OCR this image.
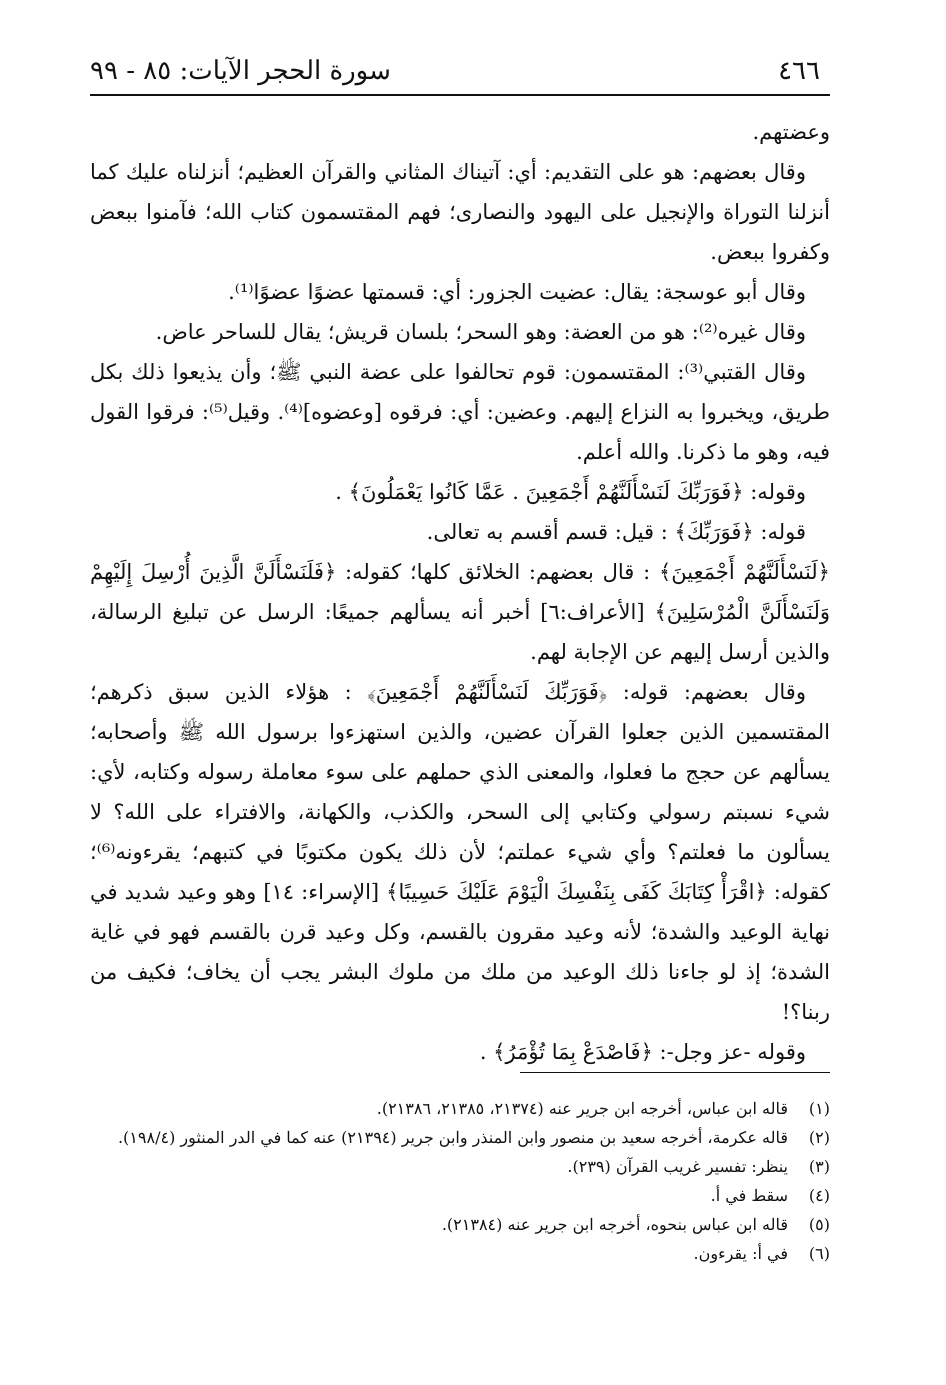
٤٦٦
سورة الحجر الآيات: ٨٥ - ٩٩

وعضتهم.

وقال بعضهم: هو على التقديم: أي: آتيناك المثاني والقرآن العظيم؛ أنزلناه عليك كما أنزلنا التوراة والإنجيل على اليهود والنصارى؛ فهم المقتسمون كتاب الله؛ فآمنوا ببعض وكفروا ببعض.

وقال أبو عوسجة: يقال: عضيت الجزور: أي: قسمتها عضوًا عضوًا⁽¹⁾.

وقال غيره⁽²⁾: هو من العضة: وهو السحر؛ بلسان قريش؛ يقال للساحر عاض.

وقال القتبي⁽³⁾: المقتسمون: قوم تحالفوا على عضة النبي ﷺ؛ وأن يذيعوا ذلك بكل طريق، ويخبروا به النزاع إليهم. وعضين: أي: فرقوه [وعضوه]⁽⁴⁾. وقيل⁽⁵⁾: فرقوا القول فيه، وهو ما ذكرنا. والله أعلم.

وقوله: ﴿فَوَرَبِّكَ لَنَسْأَلَنَّهُمْ أَجْمَعِينَ . عَمَّا كَانُوا يَعْمَلُونَ﴾ .

قوله: ﴿فَوَرَبِّكَ﴾ : قيل: قسم أقسم به تعالى.

﴿لَنَسْأَلَنَّهُمْ أَجْمَعِينَ﴾ : قال بعضهم: الخلائق كلها؛ كقوله: ﴿فَلَنَسْأَلَنَّ الَّذِينَ أُرْسِلَ إِلَيْهِمْ وَلَنَسْأَلَنَّ الْمُرْسَلِينَ﴾ [الأعراف:٦] أخبر أنه يسألهم جميعًا: الرسل عن تبليغ الرسالة، والذين أرسل إليهم عن الإجابة لهم.

وقال بعضهم: قوله: ﴿فَوَرَبِّكَ لَنَسْأَلَنَّهُمْ أَجْمَعِينَ﴾ : هؤلاء الذين سبق ذكرهم؛ المقتسمين الذين جعلوا القرآن عضين، والذين استهزءوا برسول الله ﷺ وأصحابه؛ يسألهم عن حجج ما فعلوا، والمعنى الذي حملهم على سوء معاملة رسوله وكتابه، لأي: شيء نسبتم رسولي وكتابي إلى السحر، والكذب، والكهانة، والافتراء على الله؟ لا يسألون ما فعلتم؟ وأي شيء عملتم؛ لأن ذلك يكون مكتوبًا في كتبهم؛ يقرءونه⁽⁶⁾؛ كقوله: ﴿اقْرَأْ كِتَابَكَ كَفَى بِنَفْسِكَ الْيَوْمَ عَلَيْكَ حَسِيبًا﴾ [الإسراء: ١٤] وهو وعيد شديد في نهاية الوعيد والشدة؛ لأنه وعيد مقرون بالقسم، وكل وعيد قرن بالقسم فهو في غاية الشدة؛ إذ لو جاءنا ذلك الوعيد من ملك من ملوك البشر يجب أن يخاف؛ فكيف من ربنا؟!

وقوله -عز وجل-: ﴿فَاصْدَعْ بِمَا تُؤْمَرُ﴾ .

(١)
قاله ابن عباس، أخرجه ابن جرير عنه (٢١٣٧٤، ٢١٣٨٥، ٢١٣٨٦).
(٢)
قاله عكرمة، أخرجه سعيد بن منصور وابن المنذر وابن جرير (٢١٣٩٤) عنه كما في الدر المنثور (١٩٨/٤).
(٣)
ينظر: تفسير غريب القرآن (٢٣٩).
(٤)
سقط في أ.
(٥)
قاله ابن عباس بنحوه، أخرجه ابن جرير عنه (٢١٣٨٤).
(٦)
في أ: يقرءون.
